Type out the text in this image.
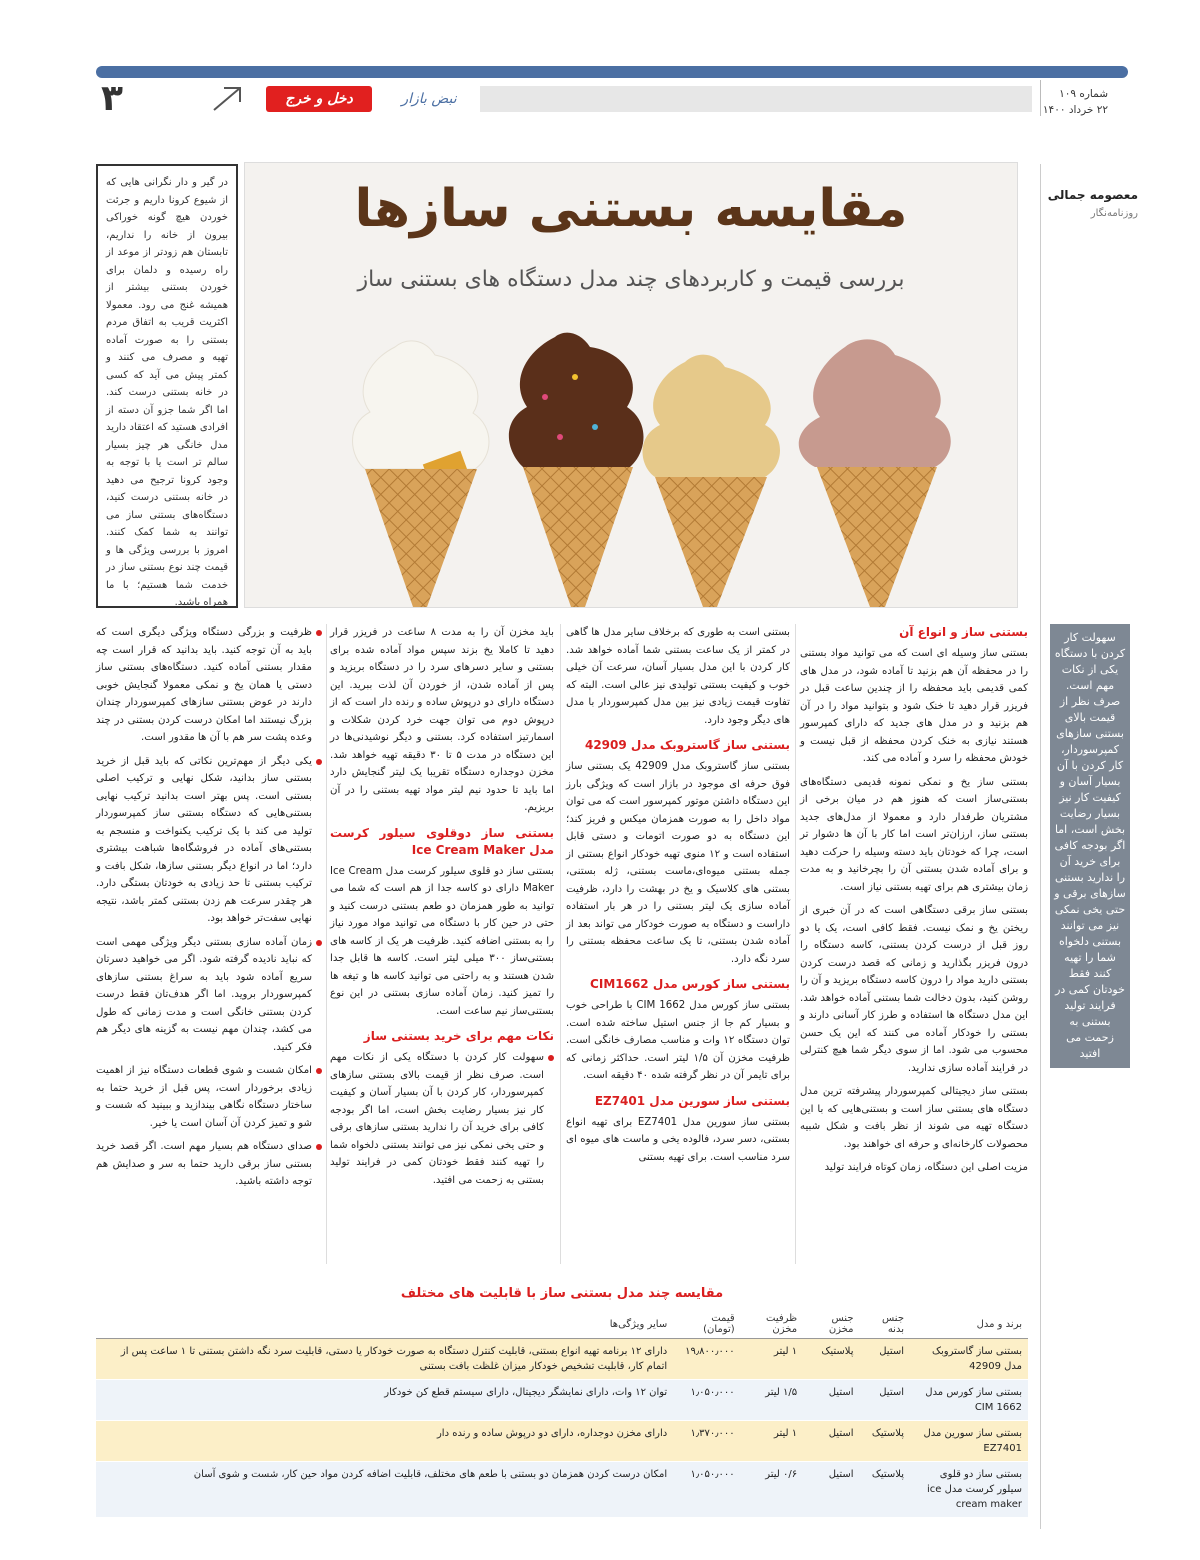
شماره ۱۰۹
۲۲ خرداد ۱۴۰۰
نبض بازار
دخل و خرج
۳
معصومه جمالی
روزنامه‌نگار
سهولت کار کردن با دستگاه یکی از نکات مهم است. صرف نظر از قیمت بالای بستنی سازهای کمپرسوردار، کار کردن با آن بسیار آسان و کیفیت کار نیز بسیار رضایت بخش است، اما اگر بودجه کافی برای خرید آن را ندارید بستنی سازهای برقی و حتی یخی نمکی نیز می توانند بستنی دلخواه شما را تهیه کنند فقط خودتان کمی در فرایند تولید بستنی به زحمت می افتید
مقایسه بستنی سازها
بررسی قیمت و کاربردهای چند مدل دستگاه های بستنی ساز
در گیر و دار نگرانی هایی که از شیوع کرونا داریم و جرئت خوردن هیچ گونه خوراکی بیرون از خانه را نداریم، تابستان هم زودتر از موعد از راه رسیده و دلمان برای خوردن بستنی بیشتر از همیشه غنج می رود. معمولا اکثریت قریب به اتفاق مردم بستنی را به صورت آماده تهیه و مصرف می کنند و کمتر پیش می آید که کسی در خانه بستنی درست کند. اما اگر شما جزو آن دسته از افرادی هستید که اعتقاد دارید مدل خانگی هر چیز بسیار سالم تر است یا با توجه به وجود کرونا ترجیح می دهید در خانه بستنی درست کنید، دستگاه‌های بستنی ساز می توانند به شما کمک کنند. امروز با بررسی ویژگی ها و قیمت چند نوع بستنی ساز در خدمت شما هستیم؛ با ما همراه باشید.
بستنی ساز و انواع آن

بستنی ساز وسیله ای است که می توانید مواد بستنی را در محفظه آن هم بزنید تا آماده شود، در مدل های کمی قدیمی باید محفظه را از چندین ساعت قبل در فریزر قرار دهید تا خنک شود و بتوانید مواد را در آن هم بزنید و در مدل های جدید که دارای کمپرسور هستند نیازی به خنک کردن محفظه از قبل نیست و خودش محفظه را سرد و آماده می کند.

بستنی ساز یخ و نمکی نمونه قدیمی دستگاه‌های بستنی‌ساز است که هنوز هم در میان برخی از مشتریان طرفدار دارد و معمولا از مدل‌های جدید بستنی ساز، ارزان‌تر است اما کار با آن ها دشوار تر است، چرا که خودتان باید دسته وسیله را حرکت دهید و برای آماده شدن بستنی آن را بچرخانید و به مدت زمان بیشتری هم برای تهیه بستنی نیاز است.

بستنی ساز برقی دستگاهی است که در آن خبری از ریختن یخ و نمک نیست. فقط کافی است، یک یا دو روز قبل از درست کردن بستنی، کاسه دستگاه را درون فریزر بگذارید و زمانی که قصد درست کردن بستنی دارید مواد را درون کاسه دستگاه بریزید و آن را روشن کنید، بدون دخالت شما بستنی آماده خواهد شد. این مدل دستگاه ها استفاده و طرز کار آسانی دارند و بستنی را خودکار آماده می کنند که این یک حسن محسوب می شود. اما از سوی دیگر شما هیچ کنترلی در فرایند آماده سازی ندارید.

بستنی ساز دیجیتالی کمپرسوردار پیشرفته ترین مدل دستگاه های بستنی ساز است و بستنی‌هایی که با این دستگاه تهیه می شوند از نظر بافت و شکل شبیه محصولات کارخانه‌ای و حرفه ای خواهند بود.

مزیت اصلی این دستگاه، زمان کوتاه فرایند تولید

بستنی است به طوری که برخلاف سایر مدل ها گاهی در کمتر از یک ساعت بستنی شما آماده خواهد شد. کار کردن با این مدل بسیار آسان، سرعت آن خیلی خوب و کیفیت بستنی تولیدی نیز عالی است. البته که تفاوت قیمت زیادی نیز بین مدل کمپرسوردار با مدل های دیگر وجود دارد.

بستنی ساز گاستروبک مدل 42909

بستنی ساز گاستروبک مدل 42909 یک بستنی ساز فوق حرفه ای موجود در بازار است که ویژگی بارز این دستگاه داشتن موتور کمپرسور است که می توان مواد داخل را به صورت همزمان میکس و فریز کند؛ این دستگاه به دو صورت اتومات و دستی قابل استفاده است و ۱۲ منوی تهیه خودکار انواع بستنی از جمله بستنی میوه‌ای،ماست بستنی، ژله بستنی، بستنی های کلاسیک و یخ در بهشت را دارد، ظرفیت آماده سازی یک لیتر بستنی را در هر بار استفاده داراست و دستگاه به صورت خودکار می تواند بعد از آماده شدن بستنی، تا یک ساعت محفظه بستنی را سرد نگه دارد.

بستنی ساز کورس مدل CIM1662

بستنی ساز کورس مدل CIM 1662 با طراحی خوب و بسیار کم جا از جنس استیل ساخته شده است. توان دستگاه ۱۲ وات و مناسب مصارف خانگی است. ظرفیت مخزن آن ۱/۵ لیتر است. حداکثر زمانی که برای تایمر آن در نظر گرفته شده ۴۰ دقیقه است.

بستنی ساز سورین مدل EZ7401

بستنی ساز سورین مدل EZ7401 برای تهیه انواع بستنی، دسر سرد، فالوده یخی و ماست های میوه ای سرد مناسب است. برای تهیه بستنی

باید مخزن آن را به مدت ۸ ساعت در فریزر قرار دهید تا کاملا یخ بزند سپس مواد آماده شده برای بستنی و سایر دسرهای سرد را در دستگاه بریزید و پس از آماده شدن، از خوردن آن لذت ببرید. این دستگاه دارای دو درپوش ساده و رنده دار است که از درپوش دوم می توان جهت خرد کردن شکلات و اسمارتیز استفاده کرد. بستنی و دیگر نوشیدنی‌ها در این دستگاه در مدت ۵ تا ۳۰ دقیقه تهیه خواهد شد. مخزن دوجداره دستگاه تقریبا یک لیتر گنجایش دارد اما باید تا حدود نیم لیتر مواد تهیه بستنی را در آن بریزیم.

بستنی ساز دوقلوی سیلور کرست مدل Ice Cream Maker

بستنی ساز دو قلوی سیلور کرست مدل Ice Cream Maker دارای دو کاسه جدا از هم است که شما می توانید به طور همزمان دو طعم بستنی درست کنید و حتی در حین کار با دستگاه می توانید مواد مورد نیاز را به بستنی اضافه کنید. ظرفیت هر یک از کاسه های بستنی‌ساز ۳۰۰ میلی لیتر است. کاسه ها قابل جدا شدن هستند و به راحتی می توانید کاسه ها و تیغه ها را تمیز کنید. زمان آماده سازی بستنی در این نوع بستنی‌ساز نیم ساعت است.

نکات مهم برای خرید بستنی ساز
سهولت کار کردن با دستگاه یکی از نکات مهم است. صرف نظر از قیمت بالای بستنی سازهای کمپرسوردار، کار کردن با آن بسیار آسان و کیفیت کار نیز بسیار رضایت بخش است، اما اگر بودجه کافی برای خرید آن را ندارید بستنی سازهای برقی و حتی یخی نمکی نیز می توانند بستنی دلخواه شما را تهیه کنند فقط خودتان کمی در فرایند تولید بستنی به زحمت می افتید.
ظرفیت و بزرگی دستگاه ویژگی دیگری است که باید به آن توجه کنید. باید بدانید که قرار است چه مقدار بستنی آماده کنید. دستگاه‌های بستنی ساز دستی یا همان یخ و نمکی معمولا گنجایش خوبی دارند در عوض بستنی سازهای کمپرسوردار چندان بزرگ نیستند اما امکان درست کردن بستنی در چند وعده پشت سر هم با آن ها مقدور است.
یکی دیگر از مهم‌ترین نکاتی که باید قبل از خرید بستنی ساز بدانید، شکل نهایی و ترکیب اصلی بستنی است. پس بهتر است بدانید ترکیب نهایی بستنی‌هایی که دستگاه بستنی ساز کمپرسوردار تولید می کند با یک ترکیب یکنواخت و منسجم به بستنی‌های آماده در فروشگاه‌ها شباهت بیشتری دارد؛ اما در انواع دیگر بستنی سازها، شکل بافت و ترکیب بستنی تا حد زیادی به خودتان بستگی دارد. هر چقدر سرعت هم زدن بستنی کمتر باشد، نتیجه نهایی سفت‌تر خواهد بود.
زمان آماده سازی بستنی دیگر ویژگی مهمی است که نباید نادیده گرفته شود. اگر می خواهید دسرتان سریع آماده شود باید به سراغ بستنی سازهای کمپرسوردار بروید. اما اگر هدف‌تان فقط درست کردن بستنی خانگی است و مدت زمانی که طول می کشد، چندان مهم نیست به گزینه های دیگر هم فکر کنید.
امکان شست و شوی قطعات دستگاه نیز از اهمیت زیادی برخوردار است، پس قبل از خرید حتما به ساختار دستگاه نگاهی بیندازید و ببینید که شست و شو و تمیز کردن آن آسان است یا خیر.
صدای دستگاه هم بسیار مهم است. اگر قصد خرید بستنی ساز برقی دارید حتما به سر و صدایش هم توجه داشته باشید.
مقایسه چند مدل بستنی ساز با قابلیت های مختلف
برند و مدل	جنس بدنه	جنس مخزن	ظرفیت مخزن	قیمت (تومان)	سایر ویژگی‌ها
بستنی ساز گاستروبک مدل 42909	استیل	پلاستیک	۱ لیتر	۱۹٫۸۰۰٫۰۰۰	دارای ۱۲ برنامه تهیه انواع بستنی، قابلیت کنترل دستگاه به صورت خودکار یا دستی، قابلیت سرد نگه داشتن بستنی تا ۱ ساعت پس از اتمام کار، قابلیت تشخیص خودکار میزان غلظت بافت بستنی
بستنی ساز کورس مدل CIM 1662	استیل	استیل	۱/۵ لیتر	۱٫۰۵۰٫۰۰۰	توان ۱۲ وات، دارای نمایشگر دیجیتال، دارای سیستم قطع کن خودکار
بستنی ساز سورین مدل EZ7401	پلاستیک	استیل	۱ لیتر	۱٫۳۷۰٫۰۰۰	دارای مخزن دوجداره، دارای دو درپوش ساده و رنده دار
بستنی ساز دو قلوی سیلور کرست مدل ice cream maker	پلاستیک	استیل	۰/۶ لیتر	۱٫۰۵۰٫۰۰۰	امکان درست کردن همزمان دو بستنی با طعم های مختلف، قابلیت اضافه کردن مواد حین کار، شست و شوی آسان
